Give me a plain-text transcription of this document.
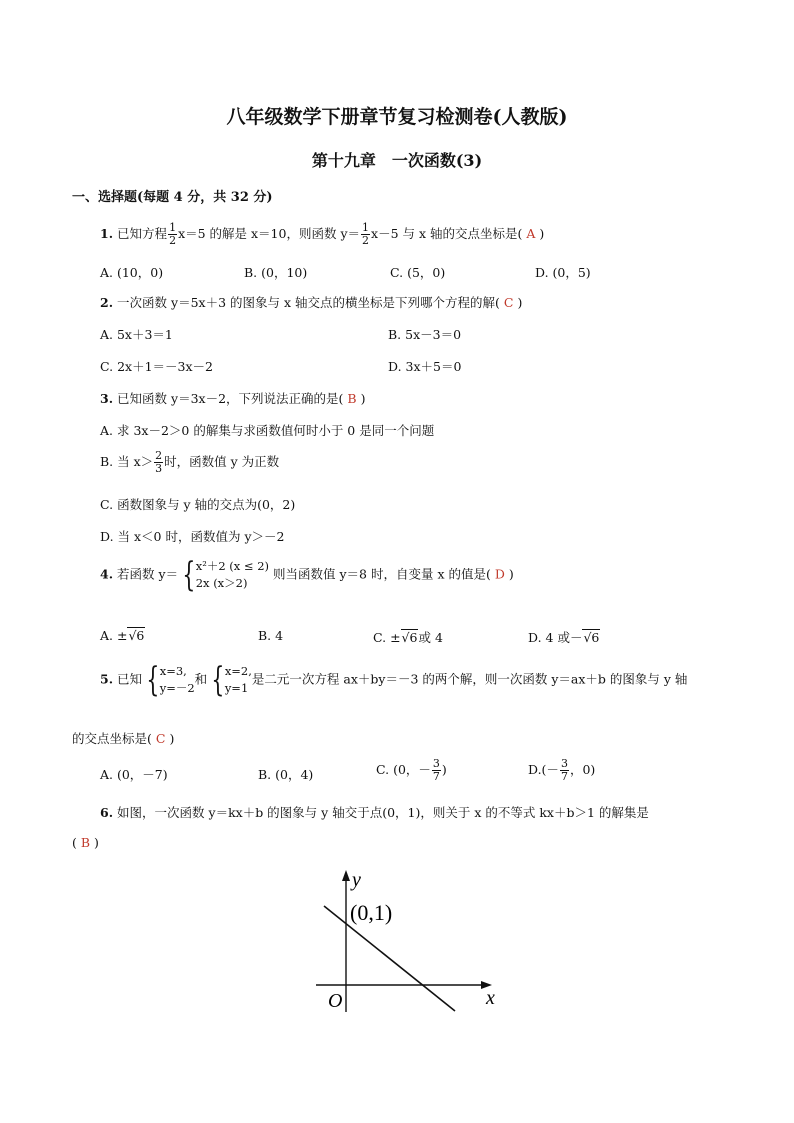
八年级数学下册章节复习检测卷(人教版)
第十九章　一次函数(3)
一、选择题(每题 4 分，共 32 分)
1. 已知方程 $\frac{1}{2} x=5$ 的解是 x＝10，则函数 $y= \frac{1}{2} x-5$ 与 x 轴的交点坐标是( A )
A. (10，0)	B. (0，10)	C. (5，0)	D. (0，5)
2. 一次函数 y＝5x＋3 的图象与 x 轴交点的横坐标是下列哪个方程的解( C )
A. 5x＋3＝1	B. 5x－3＝0
C. 2x＋1＝－3x－2	D. 3x＋5＝0
3. 已知函数 y＝3x－2，下列说法正确的是( B )
A. 求 3x－2＞0 的解集与求函数值何时小于 0 是同一个问题
B. 当 $x> \frac{2}{3}$ 时，函数值 y 为正数
C. 函数图象与 y 轴的交点为(0，2)
D. 当 x＜0 时，函数值为 y＞－2
4. 若函数 y＝ { x²＋2 (x ≤ 2)
2x (x＞2)
则当函数值 y＝8 时，自变量 x 的值是( D )
A. ±√6	B. 4	C. ±√6或 4	D. 4 或－√6
5. 已知 { x=3,
y=－2
和 { x=2,
y=1
是二元一次方程 ax＋by＝－3 的两个解，则一次函数 y＝ax＋b 的图象与 y 轴
的交点坐标是( C )
A. (0，－7)	B. (0，4)	C. (0，－ $\frac{3}{7}$ )	$D.(- \frac{3}{7}$ ，0)
6. 如图，一次函数 y＝kx＋b 的图象与 y 轴交于点(0，1)，则关于 x 的不等式 kx＋b＞1 的解集是
( B )
y
x
O
(0,1)
